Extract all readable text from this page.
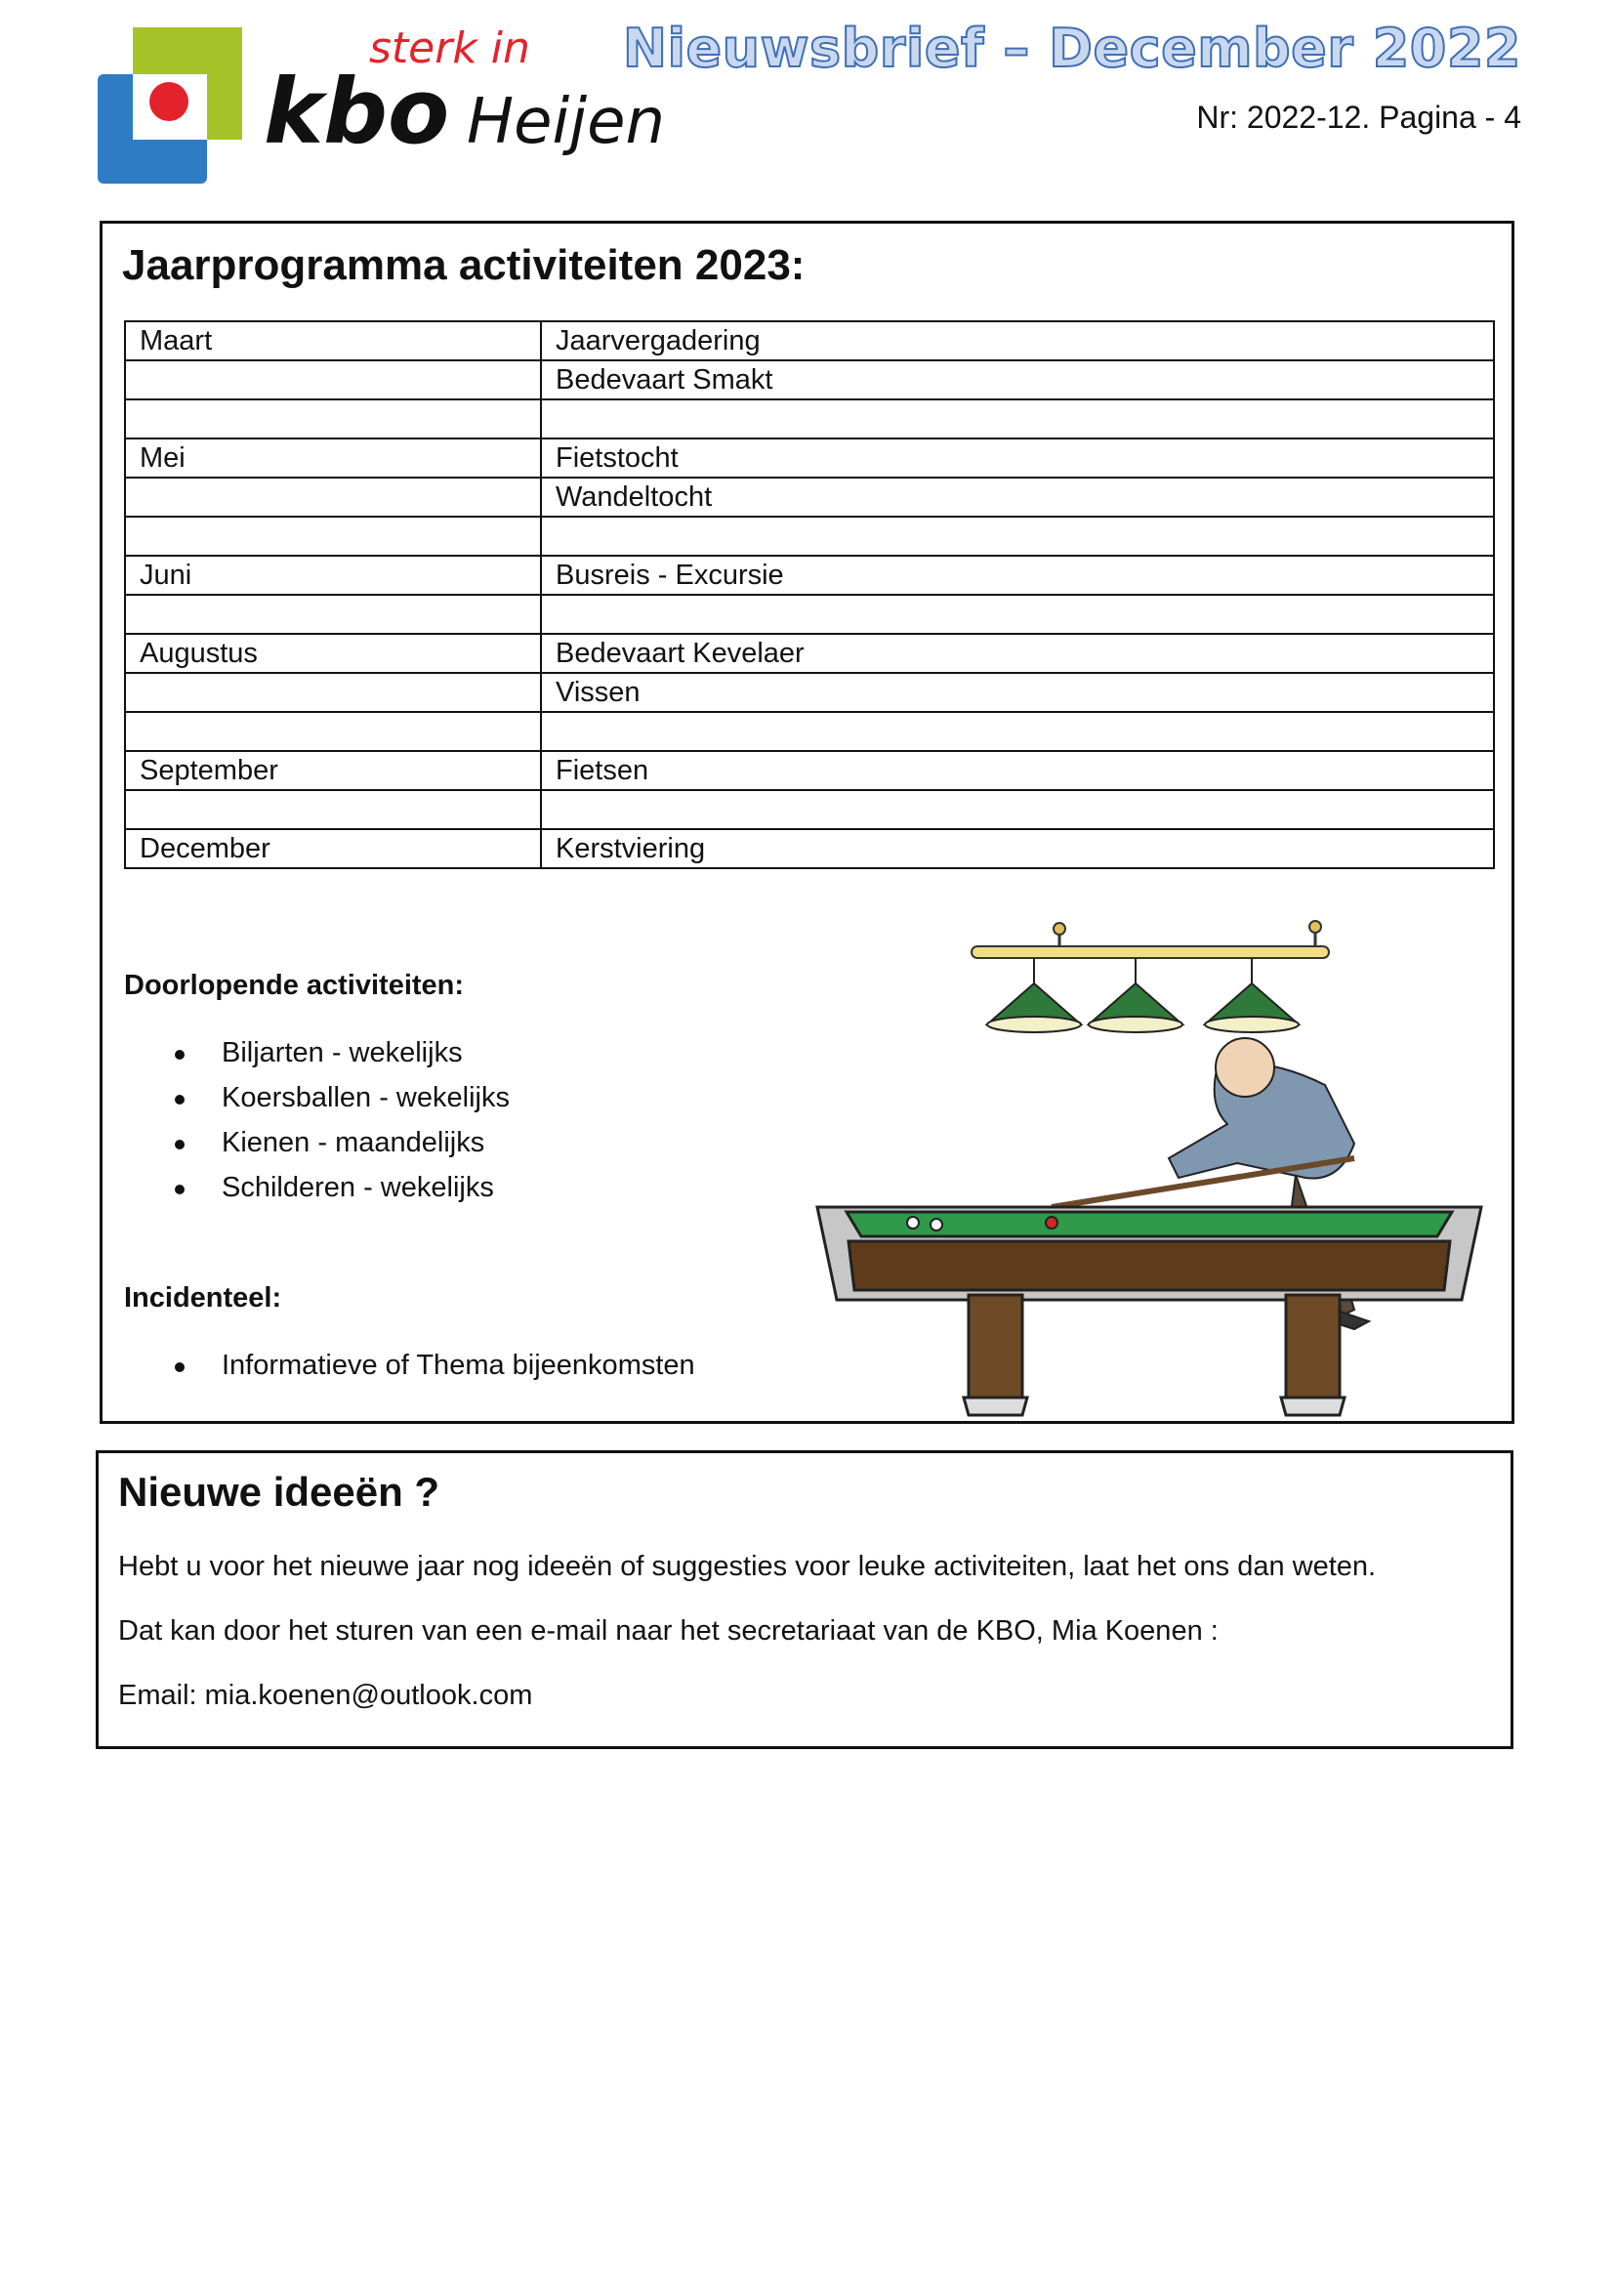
sterk in
kbo Heijen
Nieuwsbrief – December 2022
Nr: 2022-12. Pagina - 4
Jaarprogramma activiteiten 2023:
Maart	Jaarvergadering
	Bedevaart Smakt

Mei	Fietstocht
	Wandeltocht

Juni	Busreis - Excursie

Augustus	Bedevaart Kevelaer
	Vissen

September	Fietsen

December	Kerstviering
Doorlopende activiteiten:
Biljarten - wekelijks
Koersballen - wekelijks
Kienen - maandelijks
Schilderen - wekelijks
Incidenteel:
Informatieve of Thema bijeenkomsten
Nieuwe ideeën ?

Hebt u voor het nieuwe jaar nog ideeën of suggesties voor leuke activiteiten, laat het ons dan weten.

Dat kan door het sturen van een e-mail naar het secretariaat van de KBO, Mia Koenen :

Email: mia.koenen@outlook.com
